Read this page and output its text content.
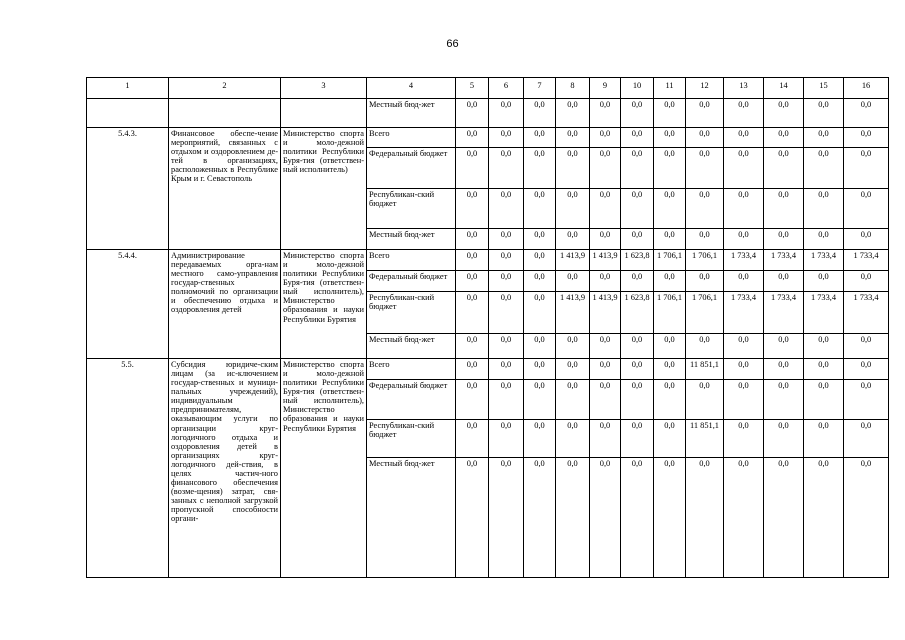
66
1	2	3	4	5	6	7	8	9	10	11	12	13	14	15	16
			Местный бюд-жет	0,0	0,0	0,0	0,0	0,0	0,0	0,0	0,0	0,0	0,0	0,0	0,0
5.4.3.	Финансовое обеспе-чение мероприятий, связанных с отдыхом и оздоровлением де-тей в организациях, расположенных в Республике Крым и г. Севастополь	Министерство спорта и моло-дежной политики Республики Буря-тия (ответствен-ный исполнитель)	Всего	0,0	0,0	0,0	0,0	0,0	0,0	0,0	0,0	0,0	0,0	0,0	0,0
			Федеральный бюджет	0,0	0,0	0,0	0,0	0,0	0,0	0,0	0,0	0,0	0,0	0,0	0,0
			Республикан-ский бюджет	0,0	0,0	0,0	0,0	0,0	0,0	0,0	0,0	0,0	0,0	0,0	0,0
			Местный бюд-жет	0,0	0,0	0,0	0,0	0,0	0,0	0,0	0,0	0,0	0,0	0,0	0,0
5.4.4.	Администрирование передаваемых орга-нам местного само-управления государ-ственных полномочий по организации и обеспечению отдыха и оздоровления детей	Министерство спорта и моло-дежной политики Республики Буря-тия (ответствен-ный исполнитель), Министерство образования и науки Республики Бурятия	Всего	0,0	0,0	0,0	1 413,9	1 413,9	1 623,8	1 706,1	1 706,1	1 733,4	1 733,4	1 733,4	1 733,4
			Федеральный бюджет	0,0	0,0	0,0	0,0	0,0	0,0	0,0	0,0	0,0	0,0	0,0	0,0
			Республикан-ский бюджет	0,0	0,0	0,0	1 413,9	1 413,9	1 623,8	1 706,1	1 706,1	1 733,4	1 733,4	1 733,4	1 733,4
			Местный бюд-жет	0,0	0,0	0,0	0,0	0,0	0,0	0,0	0,0	0,0	0,0	0,0	0,0
5.5.	Субсидия юридиче-ским лицам (за ис-ключением государ-ственных и муници-пальных учреждений), индивидуальным предпринимателям, оказывающим услуги по организации круг-логодичного отдыха и оздоровления детей в организациях круг-логодичного дей-ствия, в целях частич-ного финансового обеспечения (возме-щения) затрат, свя-занных с неполной загрузкой пропускной способности органи-	Министерство спорта и моло-дежной политики Республики Буря-тия (ответствен-ный исполнитель), Министерство образования и науки Республики Бурятия	Всего	0,0	0,0	0,0	0,0	0,0	0,0	0,0	11 851,1	0,0	0,0	0,0	0,0
			Федеральный бюджет	0,0	0,0	0,0	0,0	0,0	0,0	0,0	0,0	0,0	0,0	0,0	0,0
			Республикан-ский бюджет	0,0	0,0	0,0	0,0	0,0	0,0	0,0	11 851,1	0,0	0,0	0,0	0,0
			Местный бюд-жет	0,0	0,0	0,0	0,0	0,0	0,0	0,0	0,0	0,0	0,0	0,0	0,0
